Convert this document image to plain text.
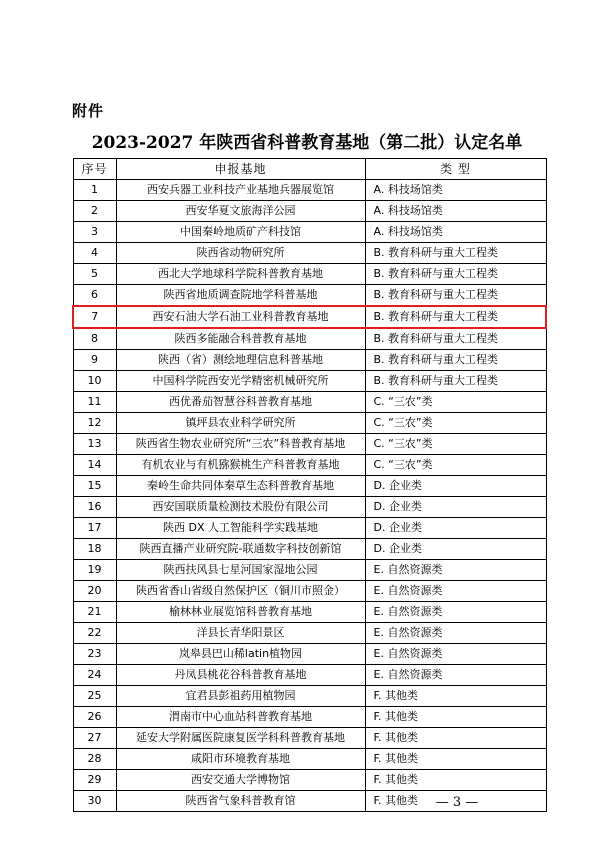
附件
2023-2027 年陕西省科普教育基地（第二批）认定名单
序号	申报基地	类 型
1	西安兵器工业科技产业基地兵器展览馆	A. 科技场馆类
2	西安华夏文旅海洋公园	A. 科技场馆类
3	中国秦岭地质矿产科技馆	A. 科技场馆类
4	陕西省动物研究所	B. 教育科研与重大工程类
5	西北大学地球科学院科普教育基地	B. 教育科研与重大工程类
6	陕西省地质调查院地学科普基地	B. 教育科研与重大工程类
7	西安石油大学石油工业科普教育基地	B. 教育科研与重大工程类
8	陕西多能融合科普教育基地	B. 教育科研与重大工程类
9	陕西（省）测绘地理信息科普基地	B. 教育科研与重大工程类
10	中国科学院西安光学精密机械研究所	B. 教育科研与重大工程类
11	西优番茄智慧谷科普教育基地	C. “三农”类
12	镇坪县农业科学研究所	C. “三农”类
13	陕西省生物农业研究所“三农”科普教育基地	C. “三农”类
14	有机农业与有机猕猴桃生产科普教育基地	C. “三农”类
15	秦岭生命共同体秦草生态科普教育基地	D. 企业类
16	西安国联质量检测技术股份有限公司	D. 企业类
17	陕西 DX 人工智能科学实践基地	D. 企业类
18	陕西直播产业研究院-联通数字科技创新馆	D. 企业类
19	陕西扶风县七星河国家湿地公园	E. 自然资源类
20	陕西省香山省级自然保护区（铜川市照金）	E. 自然资源类
21	榆林林业展览馆科普教育基地	E. 自然资源类
22	洋县长青华阳景区	E. 自然资源类
23	岚皋县巴山稀latin植物园	E. 自然资源类
24	丹凤县桃花谷科普教育基地	E. 自然资源类
25	宜君县彭祖药用植物园	F. 其他类
26	渭南市中心血站科普教育基地	F. 其他类
27	延安大学附属医院康复医学科科普教育基地	F. 其他类
28	咸阳市环境教育基地	F. 其他类
29	西安交通大学博物馆	F. 其他类
30	陕西省气象科普教育馆	F. 其他类	— 3 —
